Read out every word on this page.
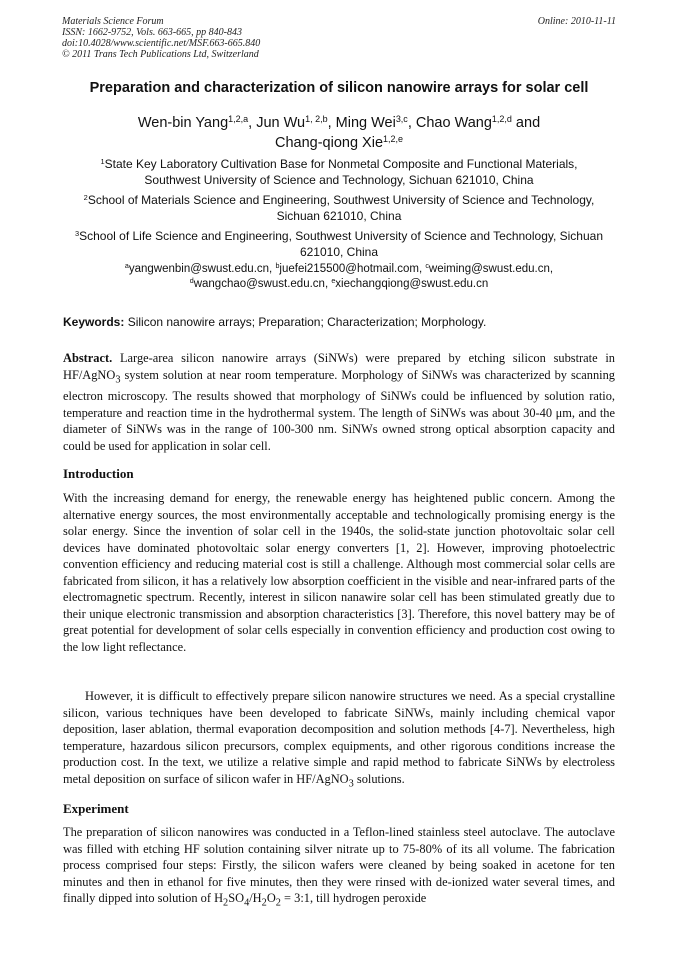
Materials Science Forum
ISSN: 1662-9752, Vols. 663-665, pp 840-843
doi:10.4028/www.scientific.net/MSF.663-665.840
© 2011 Trans Tech Publications Ltd, Switzerland
Online: 2010-11-11
Preparation and characterization of silicon nanowire arrays for solar cell
Wen-bin Yang$^{1,2,a}$, Jun Wu$^{1, 2,b}$, Ming Wei$^{3,c}$, Chao Wang$^{1,2,d}$ and
Chang-qiong Xie$^{1,2,e}$
$^1$State Key Laboratory Cultivation Base for Nonmetal Composite and Functional Materials,
Southwest University of Science and Technology, Sichuan 621010, China
$^2$School of Materials Science and Engineering, Southwest University of Science and Technology,
Sichuan 621010, China
$^3$School of Life Science and Engineering, Southwest University of Science and Technology, Sichuan
621010, China
$^a$yangwenbin@swust.edu.cn, $^b$juefei215500@hotmail.com, $^c$weiming@swust.edu.cn,
$^d$wangchao@swust.edu.cn, $^e$xiechangqiong@swust.edu.cn
Keywords: Silicon nanowire arrays; Preparation; Characterization; Morphology.
Abstract. Large-area silicon nanowire arrays (SiNWs) were prepared by etching silicon substrate in HF/AgNO$_3$ system solution at near room temperature. Morphology of SiNWs was characterized by scanning electron microscopy. The results showed that morphology of SiNWs could be influenced by solution ratio, temperature and reaction time in the hydrothermal system. The length of SiNWs was about 30-40 μm, and the diameter of SiNWs was in the range of 100-300 nm. SiNWs owned strong optical absorption capacity and could be used for application in solar cell.
Introduction
With the increasing demand for energy, the renewable energy has heightened public concern. Among the alternative energy sources, the most environmentally acceptable and technologically promising energy is the solar energy. Since the invention of solar cell in the 1940s, the solid-state junction photovoltaic solar cell devices have dominated photovoltaic solar energy converters [1, 2]. However, improving photoelectric convention efficiency and reducing material cost is still a challenge. Although most commercial solar cells are fabricated from silicon, it has a relatively low absorption coefficient in the visible and near-infrared parts of the electromagnetic spectrum. Recently, interest in silicon nanawire solar cell has been stimulated greatly due to their unique electronic transmission and absorption characteristics [3]. Therefore, this novel battery may be of great potential for development of solar cells especially in convention efficiency and production cost owing to the low light reflectance.
However, it is difficult to effectively prepare silicon nanowire structures we need. As a special crystalline silicon, various techniques have been developed to fabricate SiNWs, mainly including chemical vapor deposition, laser ablation, thermal evaporation decomposition and solution methods [4-7]. Nevertheless, high temperature, hazardous silicon precursors, complex equipments, and other rigorous conditions increase the production cost. In the text, we utilize a relative simple and rapid method to fabricate SiNWs by electroless metal deposition on surface of silicon wafer in HF/AgNO$_3$ solutions.
Experiment
The preparation of silicon nanowires was conducted in a Teflon-lined stainless steel autoclave. The autoclave was filled with etching HF solution containing silver nitrate up to 75-80% of its all volume. The fabrication process comprised four steps: Firstly, the silicon wafers were cleaned by being soaked in acetone for ten minutes and then in ethanol for five minutes, then they were rinsed with de-ionized water several times, and finally dipped into solution of $H_2SO_4/H_2O_2$ = 3:1, till hydrogen peroxide
